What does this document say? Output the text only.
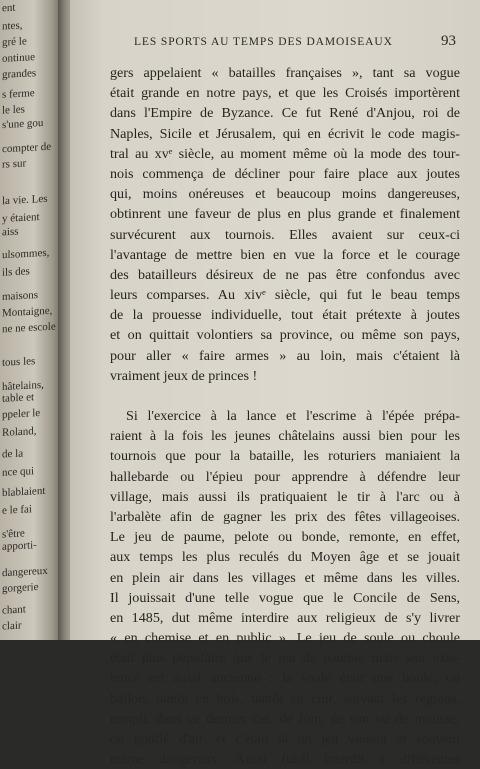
ent
ntes,
gré le
ontinue
grandes
s ferme
le les
s'une gou
compter de
rs sur
la vie. Les
y étaient
aiss
ulsommes,
ils des
maisons
Montaigne,
ne ne escole
tous les
hâtelains,
table et
ppeler le
Roland,
de la
nce qui
blablaient
e le fai
s'être
apporti-
dangereux
gorgerie
chant
clair
LES SPORTS AU TEMPS DES DAMOISEAUX	93
gers appelaient « batailles françaises », tant sa vogue
était grande en notre pays, et que les Croisés importèrent
dans l'Empire de Byzance. Ce fut René d'Anjou, roi de
Naples, Sicile et Jérusalem, qui en écrivit le code magis-
tral au xvᵉ siècle, au moment même où la mode des tour-
nois commença de décliner pour faire place aux joutes
qui, moins onéreuses et beaucoup moins dangereuses,
obtinrent une faveur de plus en plus grande et finalement
survécurent aux tournois. Elles avaient sur ceux-ci
l'avantage de mettre bien en vue la force et le courage
des batailleurs désireux de ne pas être confondus avec
leurs comparses. Au xivᵉ siècle, qui fut le beau temps
de la prouesse individuelle, tout était prétexte à joutes
et on quittait volontiers sa province, ou même son pays,
pour aller « faire armes » au loin, mais c'étaient là
vraiment jeux de princes !
Si l'exercice à la lance et l'escrime à l'épée prépa-
raient à la fois les jeunes châtelains aussi bien pour les
tournois que pour la bataille, les roturiers maniaient la
hallebarde ou l'épieu pour apprendre à défendre leur
village, mais aussi ils pratiquaient le tir à l'arc ou à
l'arbalète afin de gagner les prix des fêtes villageoises.
Le jeu de paume, pelote ou bonde, remonte, en effet,
aux temps les plus reculés du Moyen âge et se jouait
en plein air dans les villages et même dans les villes.
Il jouissait d'une telle vogue que le Concile de Sens,
en 1485, dut même interdire aux religieux de s'y livrer
« en chemise et en public ». Le jeu de soule ou choule
était plus populaire que le jeu de paume, mais son exis-
tence est aussi ancienne : la soule était une boule, ou
ballon, tantôt en bois, tantôt en cuir, suivant les régions,
rempli, dans ce dernier cas, de foin, de son ou de mousse,
ou gonflé d'air, et c'était là un jeu violent et souvent
même dangereux. Aussi fut-il interdit à différentes
